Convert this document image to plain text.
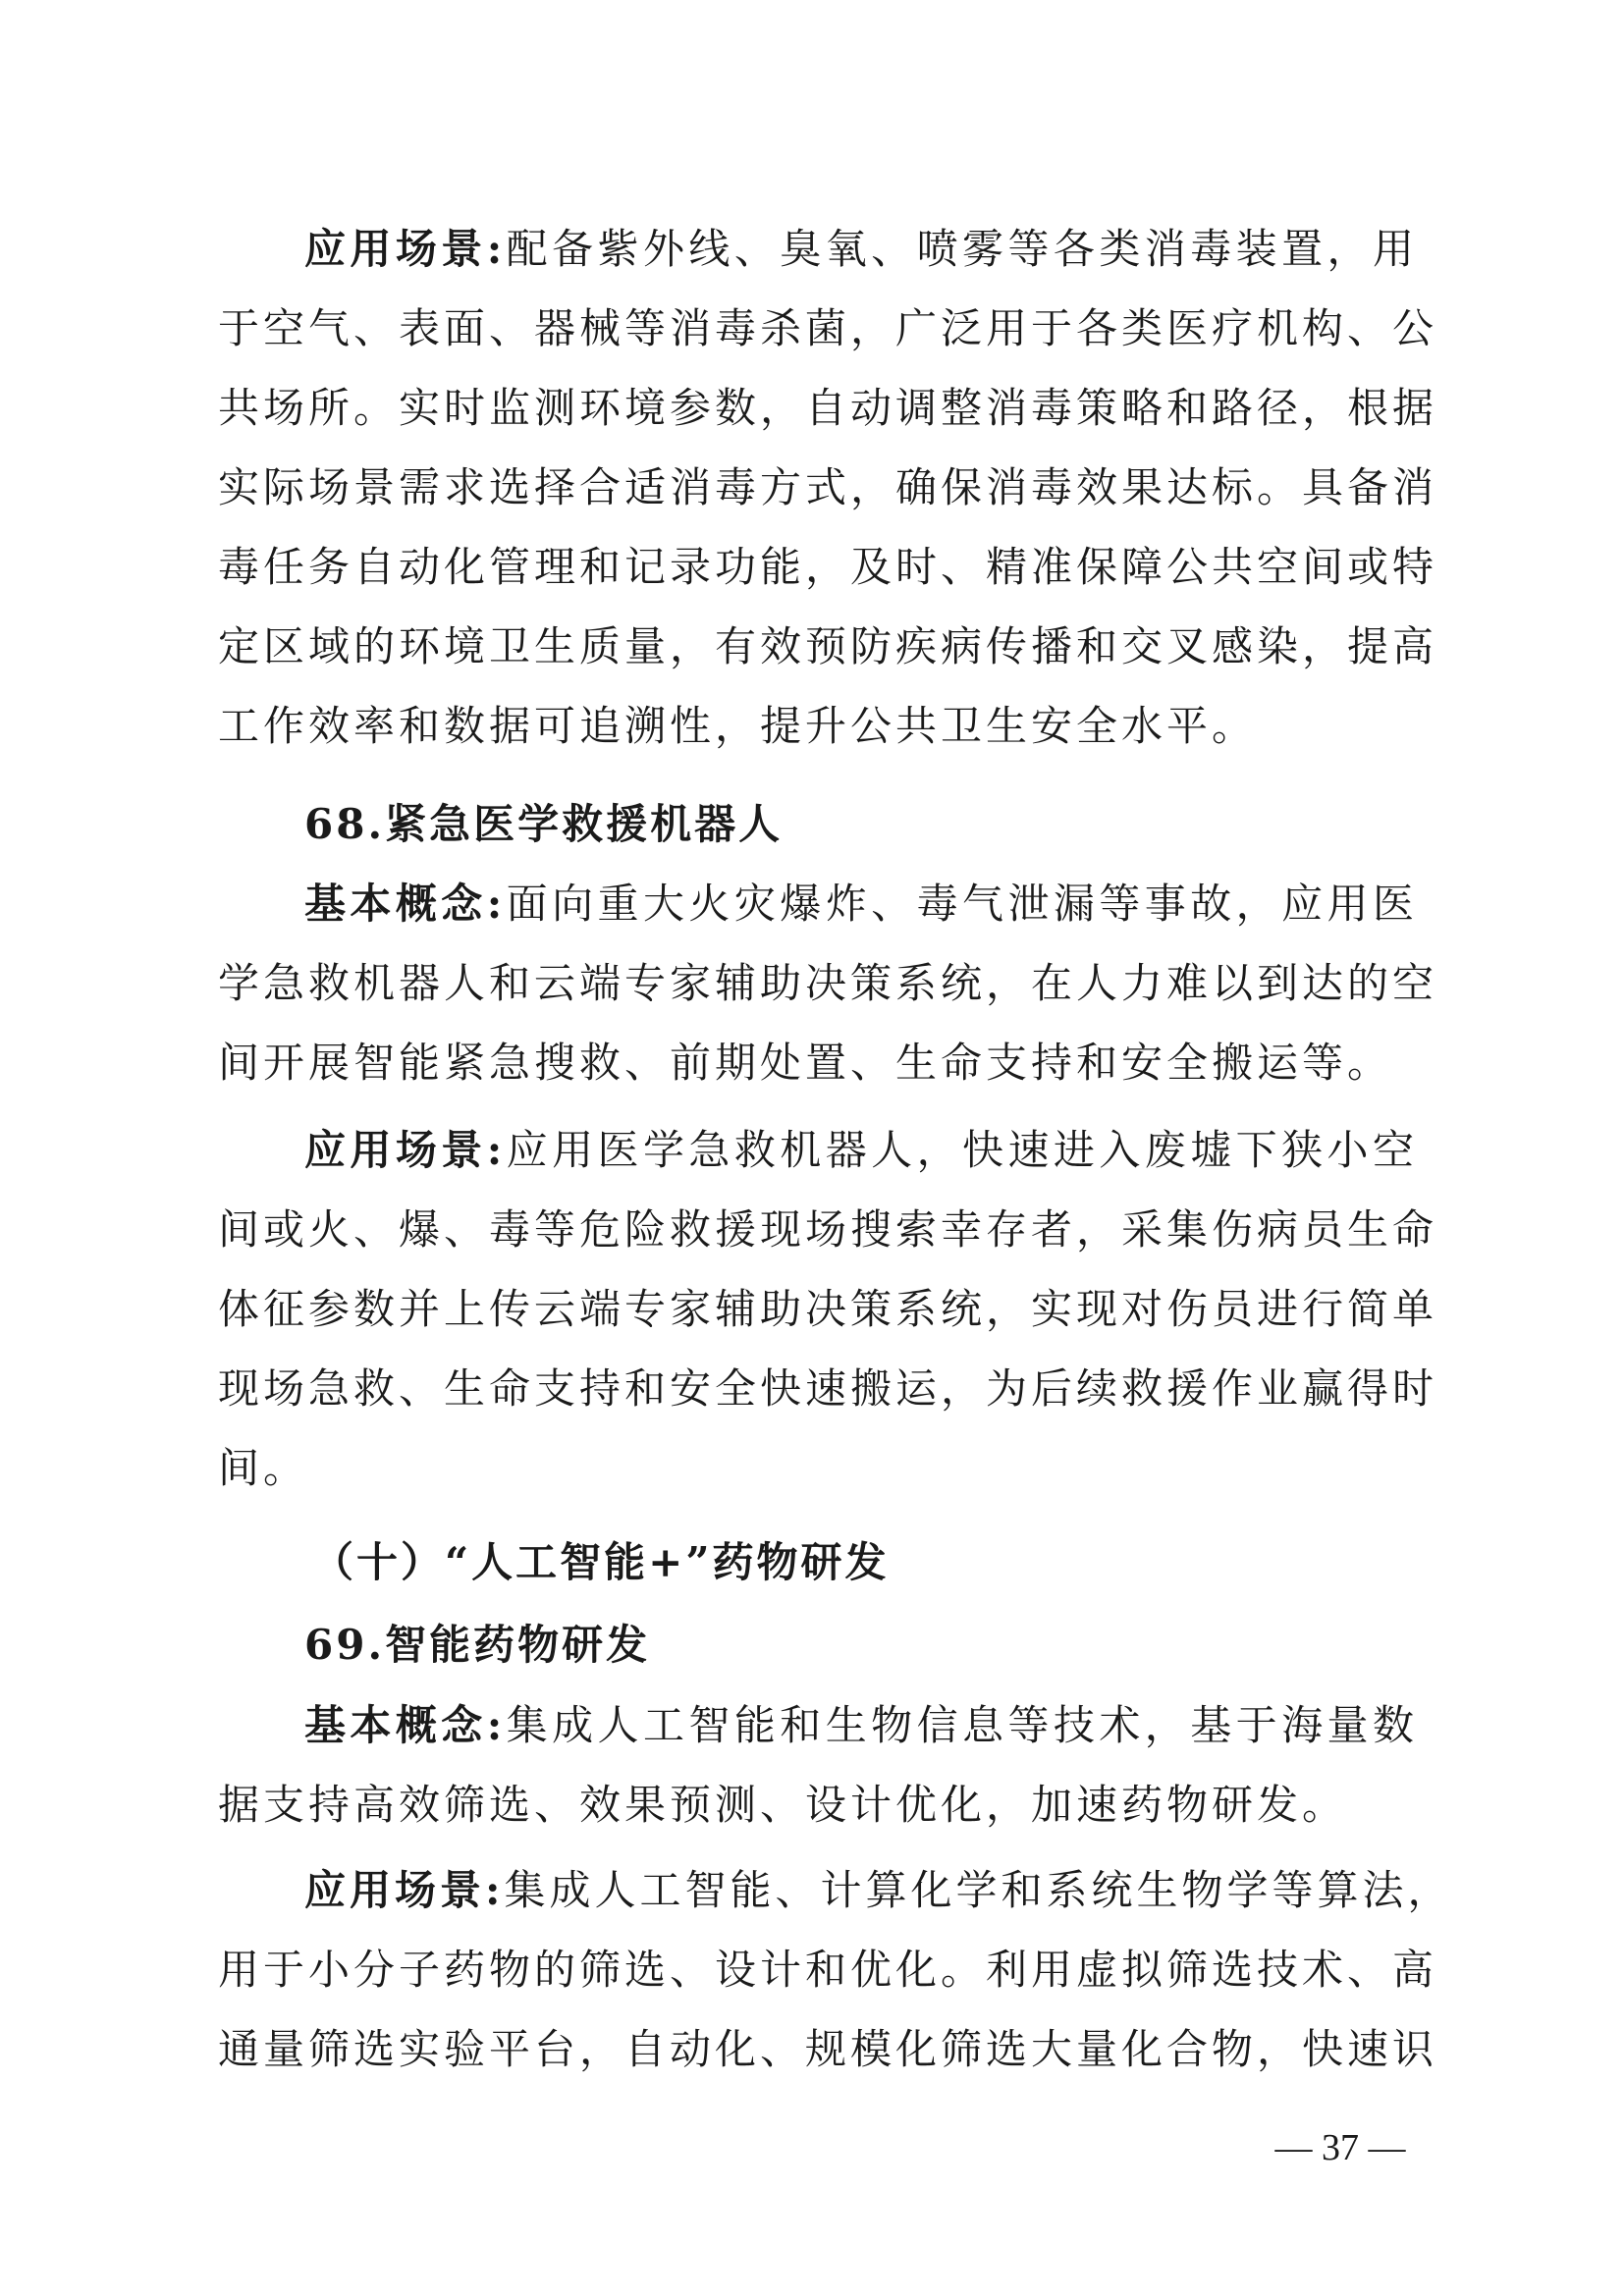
应用场景:配备紫外线、臭氧、喷雾等各类消毒装置，用
于空气、表面、器械等消毒杀菌，广泛用于各类医疗机构、公
共场所。实时监测环境参数，自动调整消毒策略和路径，根据
实际场景需求选择合适消毒方式，确保消毒效果达标。具备消
毒任务自动化管理和记录功能，及时、精准保障公共空间或特
定区域的环境卫生质量，有效预防疾病传播和交叉感染，提高
工作效率和数据可追溯性，提升公共卫生安全水平。
68.紧急医学救援机器人
基本概念:面向重大火灾爆炸、毒气泄漏等事故，应用医
学急救机器人和云端专家辅助决策系统，在人力难以到达的空
间开展智能紧急搜救、前期处置、生命支持和安全搬运等。
应用场景:应用医学急救机器人，快速进入废墟下狭小空
间或火、爆、毒等危险救援现场搜索幸存者，采集伤病员生命
体征参数并上传云端专家辅助决策系统，实现对伤员进行简单
现场急救、生命支持和安全快速搬运，为后续救援作业赢得时
间。
（十）“人工智能+”药物研发
69.智能药物研发
基本概念:集成人工智能和生物信息等技术，基于海量数
据支持高效筛选、效果预测、设计优化，加速药物研发。
应用场景:集成人工智能、计算化学和系统生物学等算法，
用于小分子药物的筛选、设计和优化。利用虚拟筛选技术、高
通量筛选实验平台，自动化、规模化筛选大量化合物，快速识
— 37 —
